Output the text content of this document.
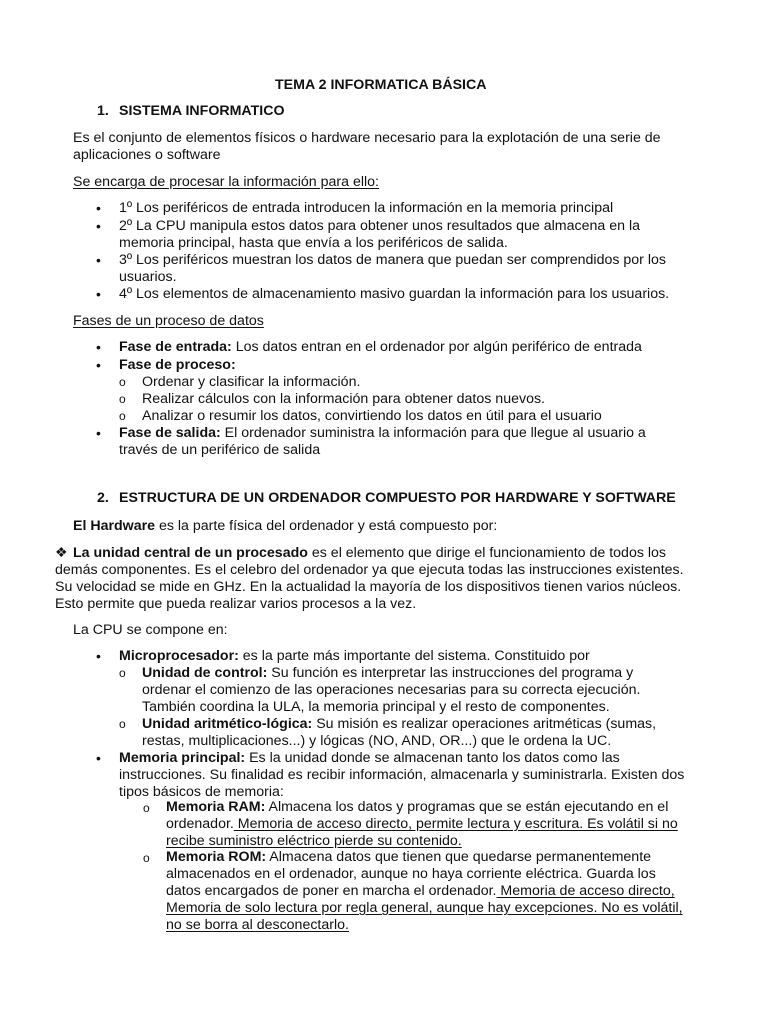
TEMA 2 INFORMATICA BÁSICA
1. SISTEMA INFORMATICO
Es el conjunto de elementos físicos o hardware necesario para la explotación de una serie de
aplicaciones o software
Se encarga de procesar la información para ello:
• 1º Los periféricos de entrada introducen la información en la memoria principal
• 2º La CPU manipula estos datos para obtener unos resultados que almacena en la
memoria principal, hasta que envía a los periféricos de salida.
• 3º Los periféricos muestran los datos de manera que puedan ser comprendidos por los
usuarios.
• 4º Los elementos de almacenamiento masivo guardan la información para los usuarios.
Fases de un proceso de datos
• Fase de entrada: Los datos entran en el ordenador por algún periférico de entrada
• Fase de proceso:
o Ordenar y clasificar la información.
o Realizar cálculos con la información para obtener datos nuevos.
o Analizar o resumir los datos, convirtiendo los datos en útil para el usuario
• Fase de salida: El ordenador suministra la información para que llegue al usuario a
través de un periférico de salida
2. ESTRUCTURA DE UN ORDENADOR COMPUESTO POR HARDWARE Y SOFTWARE
El Hardware es la parte física del ordenador y está compuesto por:
❖ La unidad central de un procesado es el elemento que dirige el funcionamiento de todos los
demás componentes. Es el celebro del ordenador ya que ejecuta todas las instrucciones existentes.
Su velocidad se mide en GHz. En la actualidad la mayoría de los dispositivos tienen varios núcleos.
Esto permite que pueda realizar varios procesos a la vez.
La CPU se compone en:
• Microprocesador: es la parte más importante del sistema. Constituido por
o Unidad de control: Su función es interpretar las instrucciones del programa y
ordenar el comienzo de las operaciones necesarias para su correcta ejecución.
También coordina la ULA, la memoria principal y el resto de componentes.
o Unidad aritmético-lógica: Su misión es realizar operaciones aritméticas (sumas,
restas, multiplicaciones...) y lógicas (NO, AND, OR...) que le ordena la UC.
• Memoria principal: Es la unidad donde se almacenan tanto los datos como las
instrucciones. Su finalidad es recibir información, almacenarla y suministrarla. Existen dos
tipos básicos de memoria:
o Memoria RAM: Almacena los datos y programas que se están ejecutando en el
ordenador. Memoria de acceso directo, permite lectura y escritura. Es volátil si no
recibe suministro eléctrico pierde su contenido.
o Memoria ROM: Almacena datos que tienen que quedarse permanentemente
almacenados en el ordenador, aunque no haya corriente eléctrica. Guarda los
datos encargados de poner en marcha el ordenador. Memoria de acceso directo,
Memoria de solo lectura por regla general, aunque hay excepciones. No es volátil,
no se borra al desconectarlo.
